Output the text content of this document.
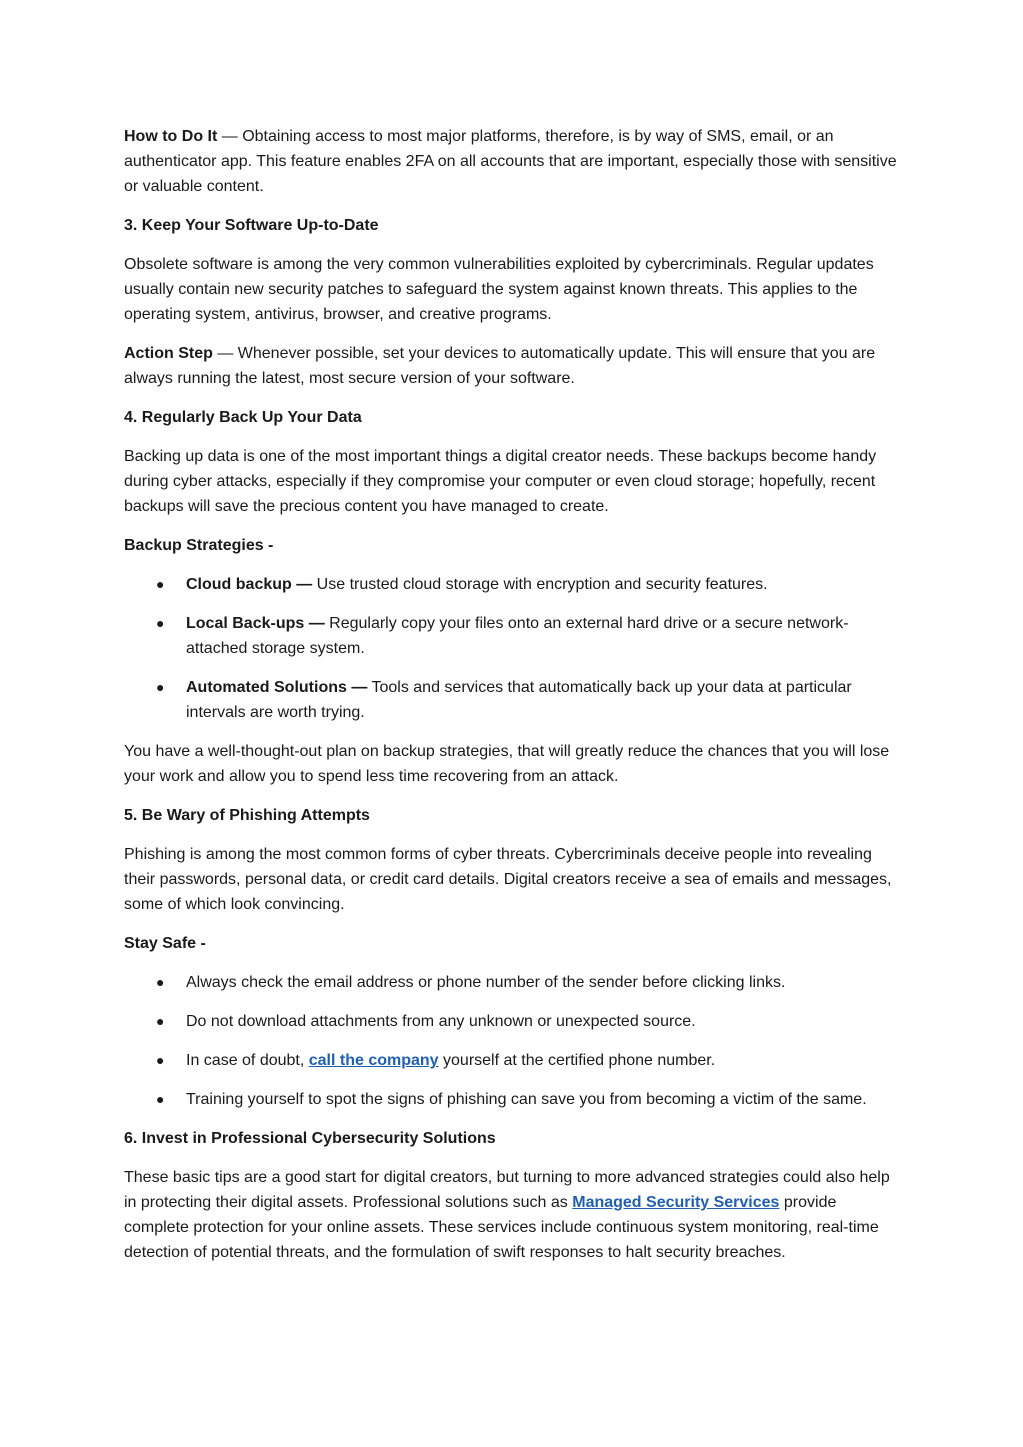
How to Do It — Obtaining access to most major platforms, therefore, is by way of SMS, email, or an authenticator app. This feature enables 2FA on all accounts that are important, especially those with sensitive or valuable content.

3. Keep Your Software Up-to-Date

Obsolete software is among the very common vulnerabilities exploited by cybercriminals. Regular updates usually contain new security patches to safeguard the system against known threats. This applies to the operating system, antivirus, browser, and creative programs.

Action Step — Whenever possible, set your devices to automatically update. This will ensure that you are always running the latest, most secure version of your software.

4. Regularly Back Up Your Data

Backing up data is one of the most important things a digital creator needs. These backups become handy during cyber attacks, especially if they compromise your computer or even cloud storage; hopefully, recent backups will save the precious content you have managed to create.

Backup Strategies -

● Cloud backup — Use trusted cloud storage with encryption and security features.
● Local Back-ups — Regularly copy your files onto an external hard drive or a secure network-attached storage system.
● Automated Solutions — Tools and services that automatically back up your data at particular intervals are worth trying.

You have a well-thought-out plan on backup strategies, that will greatly reduce the chances that you will lose your work and allow you to spend less time recovering from an attack.

5. Be Wary of Phishing Attempts

Phishing is among the most common forms of cyber threats. Cybercriminals deceive people into revealing their passwords, personal data, or credit card details. Digital creators receive a sea of emails and messages, some of which look convincing.

Stay Safe -

● Always check the email address or phone number of the sender before clicking links.
● Do not download attachments from any unknown or unexpected source.
● In case of doubt, call the company yourself at the certified phone number.
● Training yourself to spot the signs of phishing can save you from becoming a victim of the same.
6. Invest in Professional Cybersecurity Solutions

These basic tips are a good start for digital creators, but turning to more advanced strategies could also help in protecting their digital assets. Professional solutions such as Managed Security Services provide complete protection for your online assets. These services include continuous system monitoring, real-time detection of potential threats, and the formulation of swift responses to halt security breaches.
